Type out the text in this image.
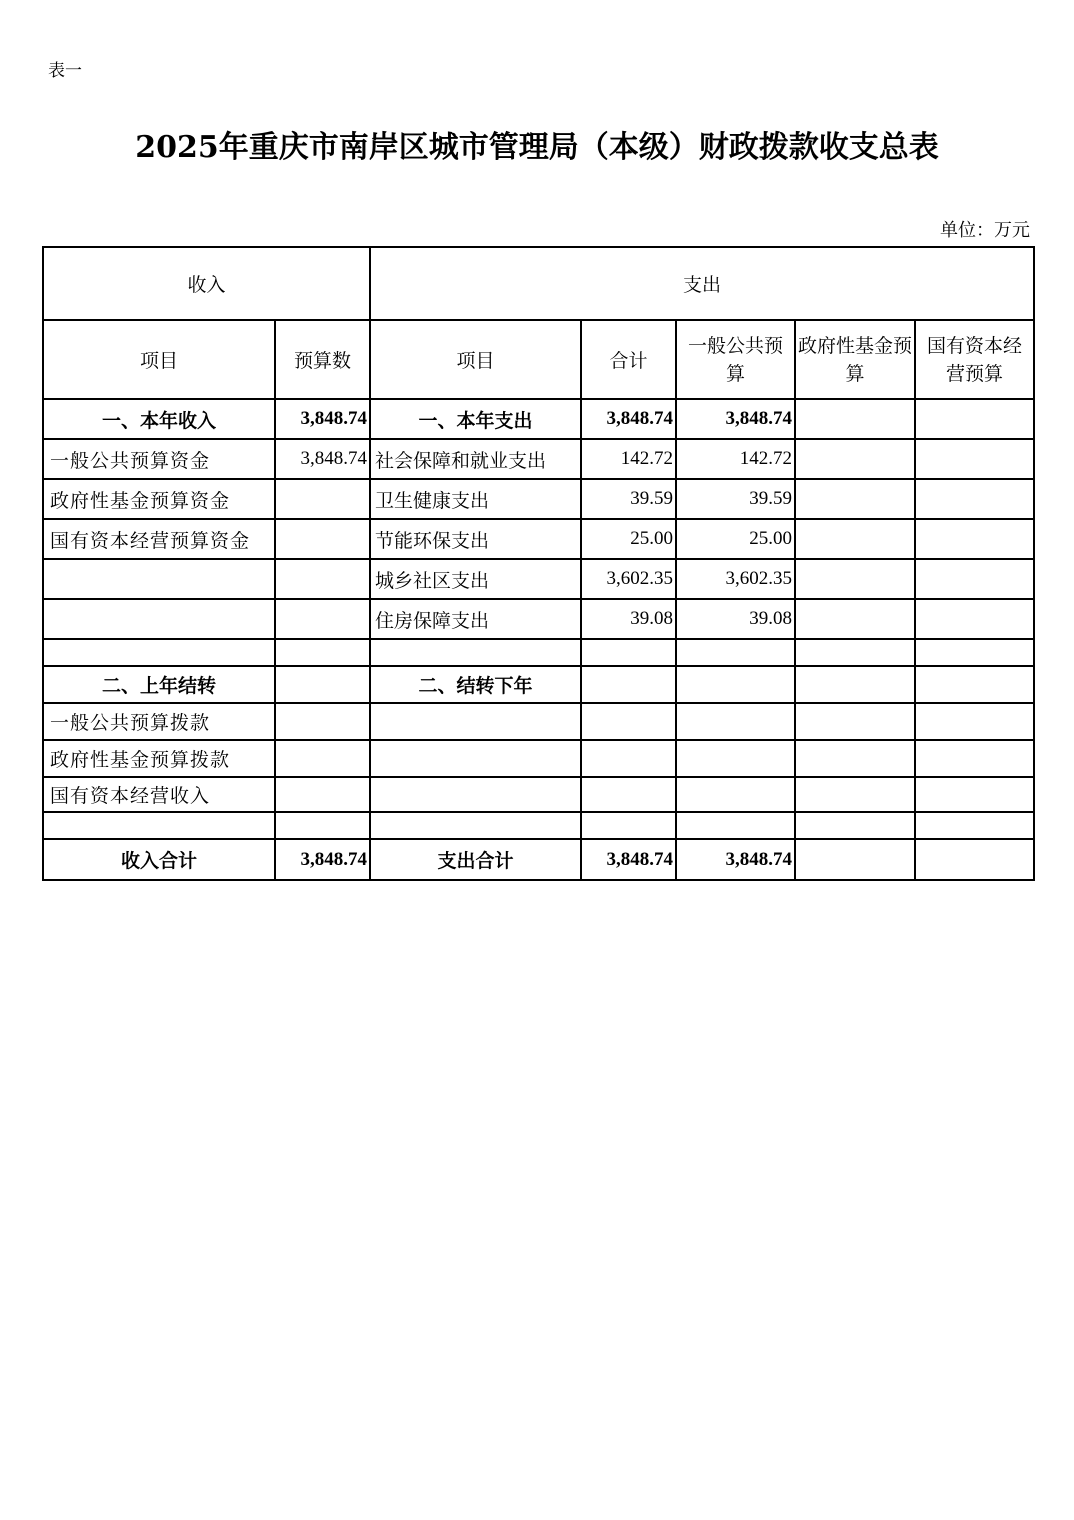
表一
2025年重庆市南岸区城市管理局（本级）财政拨款收支总表
单位：万元
收入		支出				
项目	预算数	项目	合计	一般公共预算	政府性基金预算	国有资本经营预算
一、本年收入	3,848.74	一、本年支出	3,848.74	3,848.74		
一般公共预算资金	3,848.74	社会保障和就业支出	142.72	142.72		
政府性基金预算资金		卫生健康支出	39.59	39.59		
国有资本经营预算资金		节能环保支出	25.00	25.00		
		城乡社区支出	3,602.35	3,602.35		
		住房保障支出	39.08	39.08		

二、上年结转		二、结转下年				
一般公共预算拨款						
政府性基金预算拨款						
国有资本经营收入						

收入合计	3,848.74	支出合计	3,848.74	3,848.74		
